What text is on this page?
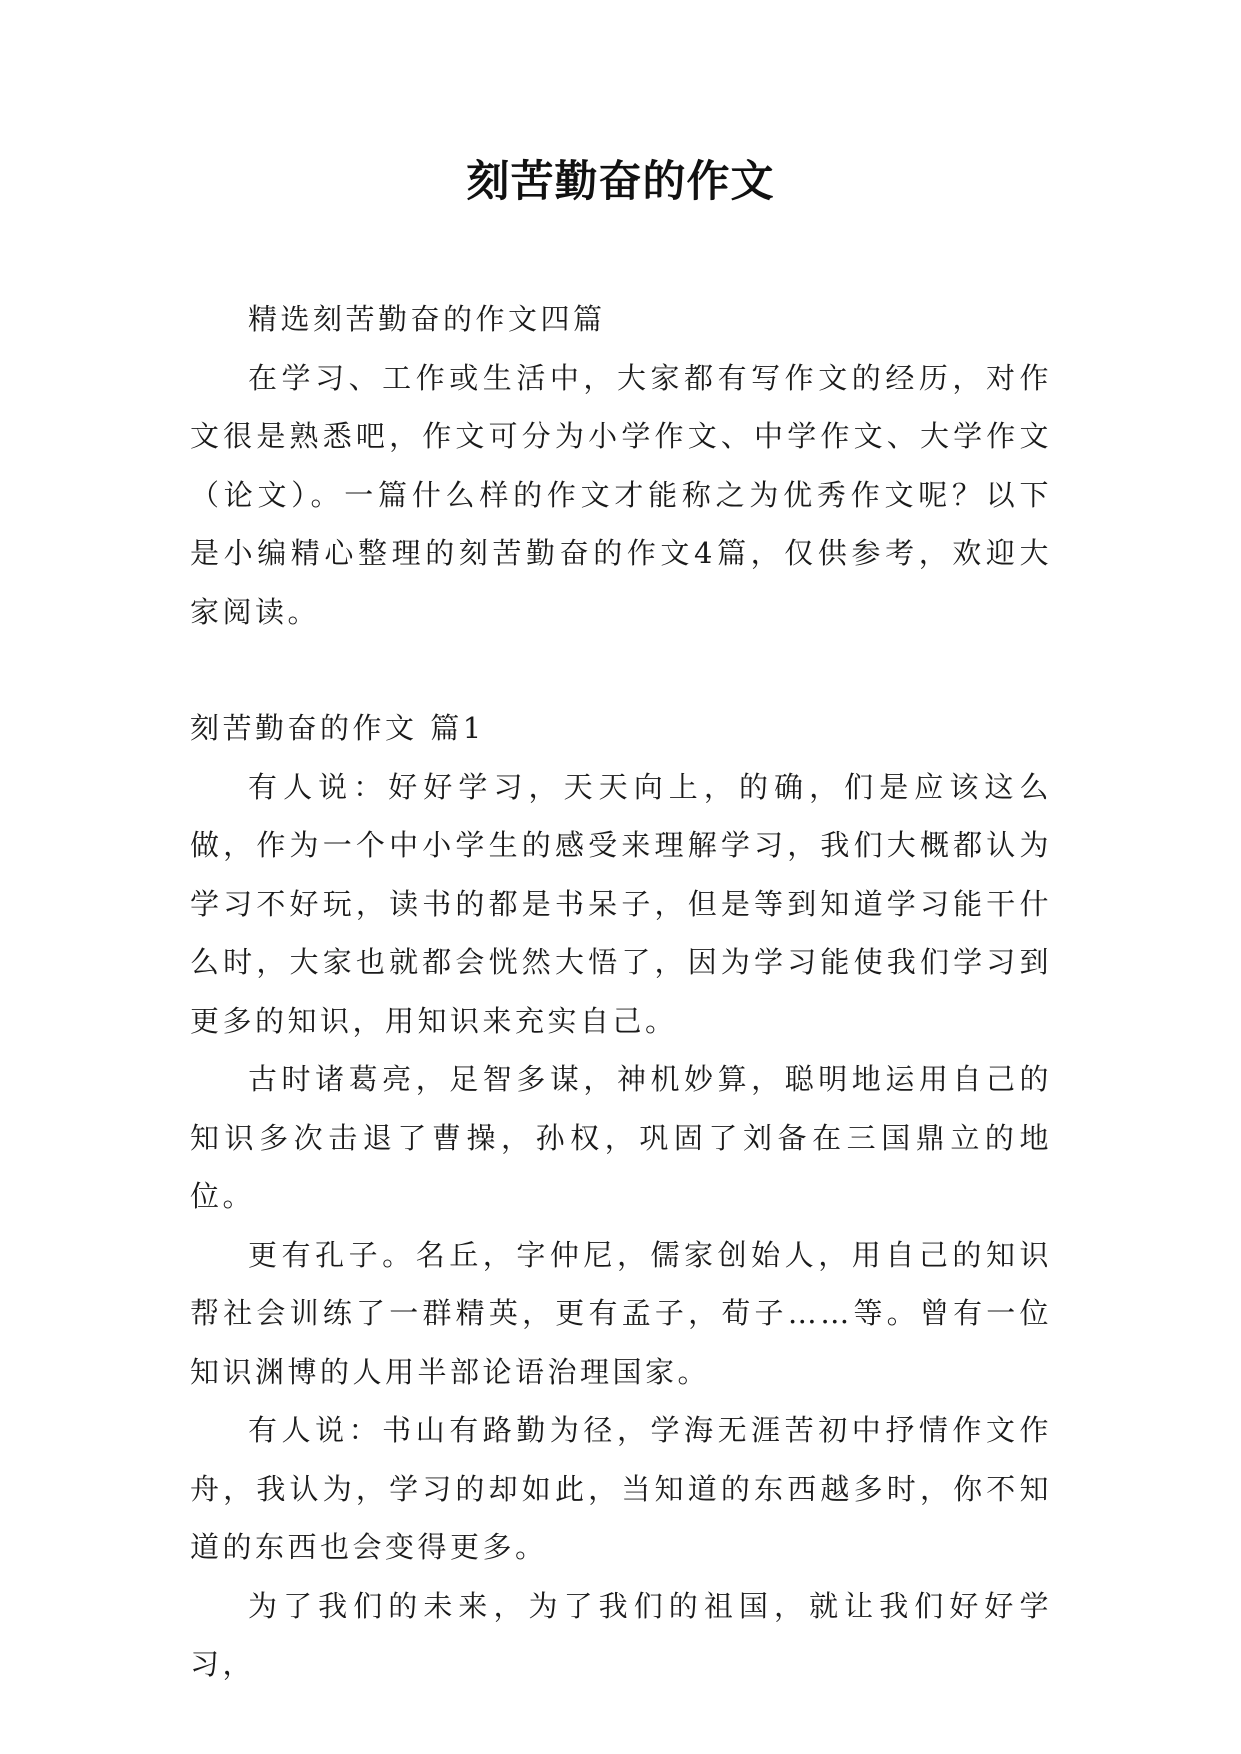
刻苦勤奋的作文

精选刻苦勤奋的作文四篇

在学习、工作或生活中，大家都有写作文的经历，对作文很是熟悉吧，作文可分为小学作文、中学作文、大学作文（论文）。一篇什么样的作文才能称之为优秀作文呢？以下是小编精心整理的刻苦勤奋的作文4篇，仅供参考，欢迎大家阅读。

刻苦勤奋的作文 篇1

有人说：好好学习，天天向上，的确，们是应该这么做，作为一个中小学生的感受来理解学习，我们大概都认为学习不好玩，读书的都是书呆子，但是等到知道学习能干什么时，大家也就都会恍然大悟了，因为学习能使我们学习到更多的知识，用知识来充实自己。

古时诸葛亮，足智多谋，神机妙算，聪明地运用自己的知识多次击退了曹操，孙权，巩固了刘备在三国鼎立的地位。

更有孔子。名丘，字仲尼，儒家创始人，用自己的知识帮社会训练了一群精英，更有孟子，荀子……等。曾有一位知识渊博的人用半部论语治理国家。

有人说：书山有路勤为径，学海无涯苦初中抒情作文作舟，我认为，学习的却如此，当知道的东西越多时，你不知道的东西也会变得更多。

为了我们的未来，为了我们的祖国，就让我们好好学习，
